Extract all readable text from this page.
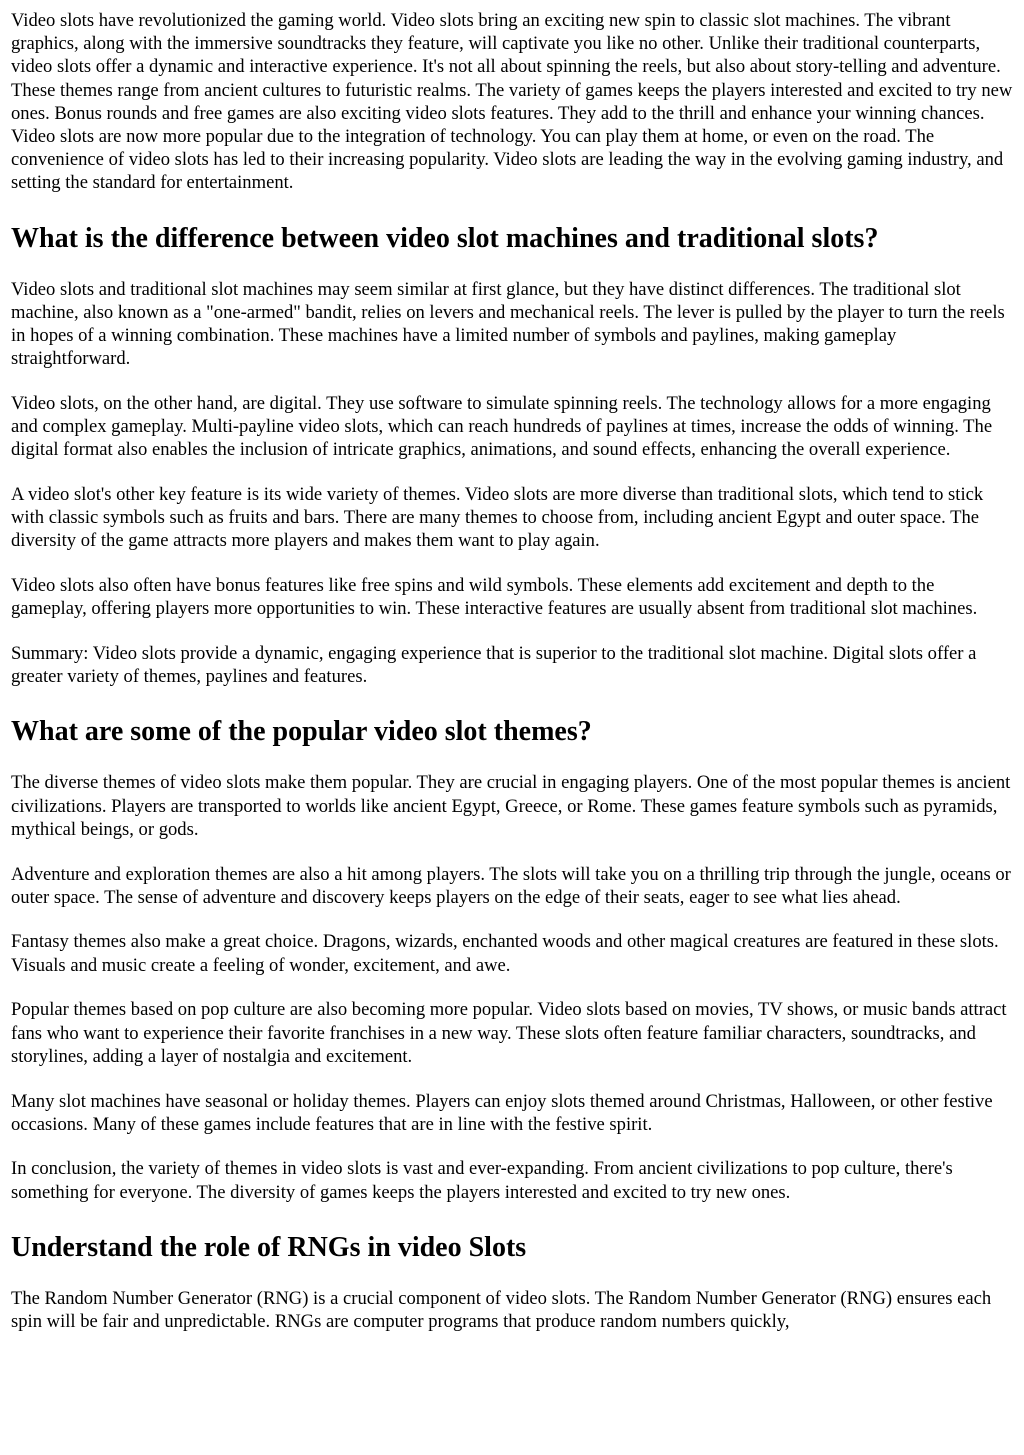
Video slots have revolutionized the gaming world. Video slots bring an exciting new spin to classic slot machines. The vibrant graphics, along with the immersive soundtracks they feature, will captivate you like no other. Unlike their traditional counterparts, video slots offer a dynamic and interactive experience. It's not all about spinning the reels, but also about story-telling and adventure. These themes range from ancient cultures to futuristic realms. The variety of games keeps the players interested and excited to try new ones. Bonus rounds and free games are also exciting video slots features. They add to the thrill and enhance your winning chances. Video slots are now more popular due to the integration of technology. You can play them at home, or even on the road. The convenience of video slots has led to their increasing popularity. Video slots are leading the way in the evolving gaming industry, and setting the standard for entertainment.

What is the difference between video slot machines and traditional slots?

Video slots and traditional slot machines may seem similar at first glance, but they have distinct differences. The traditional slot machine, also known as a "one-armed" bandit, relies on levers and mechanical reels. The lever is pulled by the player to turn the reels in hopes of a winning combination. These machines have a limited number of symbols and paylines, making gameplay straightforward.

Video slots, on the other hand, are digital. They use software to simulate spinning reels. The technology allows for a more engaging and complex gameplay. Multi-payline video slots, which can reach hundreds of paylines at times, increase the odds of winning. The digital format also enables the inclusion of intricate graphics, animations, and sound effects, enhancing the overall experience.

A video slot's other key feature is its wide variety of themes. Video slots are more diverse than traditional slots, which tend to stick with classic symbols such as fruits and bars. There are many themes to choose from, including ancient Egypt and outer space. The diversity of the game attracts more players and makes them want to play again.

Video slots also often have bonus features like free spins and wild symbols. These elements add excitement and depth to the gameplay, offering players more opportunities to win. These interactive features are usually absent from traditional slot machines.

Summary: Video slots provide a dynamic, engaging experience that is superior to the traditional slot machine. Digital slots offer a greater variety of themes, paylines and features.

What are some of the popular video slot themes?

The diverse themes of video slots make them popular. They are crucial in engaging players. One of the most popular themes is ancient civilizations. Players are transported to worlds like ancient Egypt, Greece, or Rome. These games feature symbols such as pyramids, mythical beings, or gods.

Adventure and exploration themes are also a hit among players. The slots will take you on a thrilling trip through the jungle, oceans or outer space. The sense of adventure and discovery keeps players on the edge of their seats, eager to see what lies ahead.

Fantasy themes also make a great choice. Dragons, wizards, enchanted woods and other magical creatures are featured in these slots. Visuals and music create a feeling of wonder, excitement, and awe.

Popular themes based on pop culture are also becoming more popular. Video slots based on movies, TV shows, or music bands attract fans who want to experience their favorite franchises in a new way. These slots often feature familiar characters, soundtracks, and storylines, adding a layer of nostalgia and excitement.

Many slot machines have seasonal or holiday themes. Players can enjoy slots themed around Christmas, Halloween, or other festive occasions. Many of these games include features that are in line with the festive spirit.

In conclusion, the variety of themes in video slots is vast and ever-expanding. From ancient civilizations to pop culture, there's something for everyone. The diversity of games keeps the players interested and excited to try new ones.

Understand the role of RNGs in video Slots

The Random Number Generator (RNG) is a crucial component of video slots. The Random Number Generator (RNG) ensures each spin will be fair and unpredictable. RNGs are computer programs that produce random numbers quickly,
